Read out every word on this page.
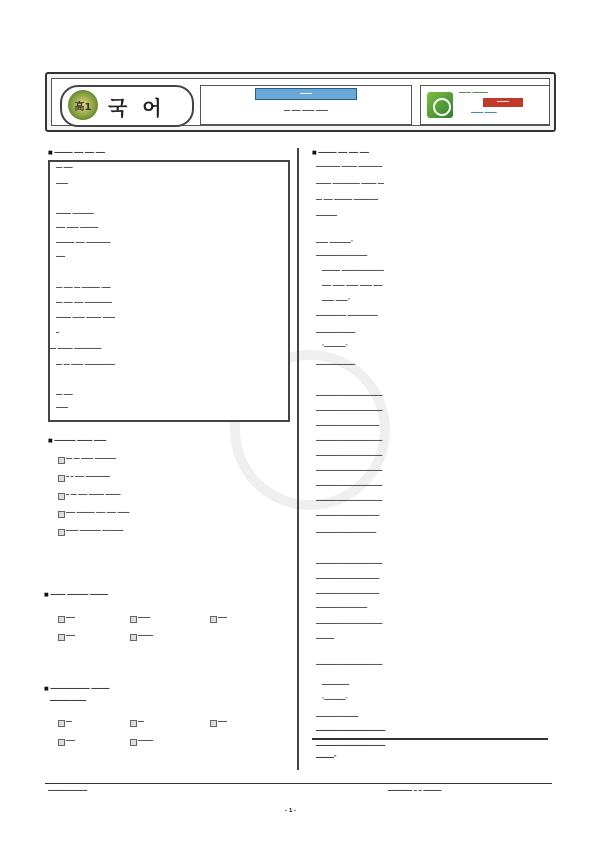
高1 국 어
━━━━
━━ ━━━ ━━━━ ━━━━
━━━━ ━━━━━
━━━━
━━━━ ━━━━
■ ━━━━━━ ━━━ ━━━ ━━━
━━ ━━━
━━━━
━━━━━ ━━━━━━━
━━━ ━━━━ ━━━━━━
━━━━━━ ━━━ ━━━━━━━━
━━━
━━ ━━━ ━━ ━━━━━━ ━━━
━━ ━━━ ━━━ ━━━━━━━━━
━━━━━ ━━━━ ━━━━━ ━━━━
━
━━ ━━━━━ ━━━━━━━━━
━━ ━━ ━━━━ ━━━━━━━━━━
━━ ━━━
━━━━
■ ━━━━━━━ ━━━━━ ━━━━
━━ ━━ ━━━━ ━━━━━━━
━ ━ ━━━ ━━━━━━━━
━ ━━ ━━━ ━━━━━ ━━━━━
━━━ ━━━━━━ ━━━ ━━━ ━━━━
━━━━ ━━━━━━━ ━━━━━━━
■ ━━━━━ ━━━━━━━ ━━━━━━
━━━	━━━━	━━━
━━━	━━━━━
■ ━━━━━━━━━━━━━ ━━━━━━
━━━━━━━━━━━━
━━	━━	━━━
━━━	━━━━━
■ ━━━━━━ ━━━ ━━━ ━━━
━━━━━━━━ ━━━━━ ━━━━━━━━
━━━━━ ━━━━━━━━━ ━━━━━ ━━
━━ ━━━ ━━━━━━ ━━━━━━━━
━━━━━━━
━━━━ ━━━━━━━"
━━━━━━━━━━━━━━━━━
━━━━━━ ━━━━━━━━━━━━━━
━━━ ━━━━ ━━━━ ━━━━ ━━━
━━━━ ━━━━"
━━━━━━━━━━ ━━━━━━━━━━
━━━━━━━━━━━━━
"━━━━━━━"
━━━━━━━━━━━━━
━━━━━━━━━━━━━━━━━━━━━━
━━━━━━━━━━━━━━━━━━━━━━
━━━━━━━━━━━━━━━━━━━━━
━━━━━━━━━━━━━━━━━━━━━━
━━━━━━━━━━━━━━━━━━━━━━
━━━━━━━━━━━━━━━━━━━━━━
━━━━━━━━━━━━━━━━━━━━━━
━━━━━━━━━━━━━━━━━━━━━━
━━━━━━━━━━━━━━━━━━━━━
━━━━━━━━━━━━━━━━━━━━
━━━━━━━━━━━━━━━━━━━━━━
━━━━━━━━━━━━━━━━━━━━━
━━━━━━━━━━━━━━━━━━━━━
━━━━━━━━━━━━━━━━━
━━━━━━━━━━━━━━━━━━━━━━
━━━━━━
━━━━━━━━━━━━━━━━━━━━━━
━━━━━━━━━
"━━━━━━━"
━━━━━━━━━━━━━━
━━━━━━━━━━━━━━━━━━━━━━━
━━━━━━━━━━━━━━━━━━━━━━━
━━━━━━"
━━━━━━━━━━━━━	━━━━━━━━ ━ ━ ━━━━━━
- 1 -
